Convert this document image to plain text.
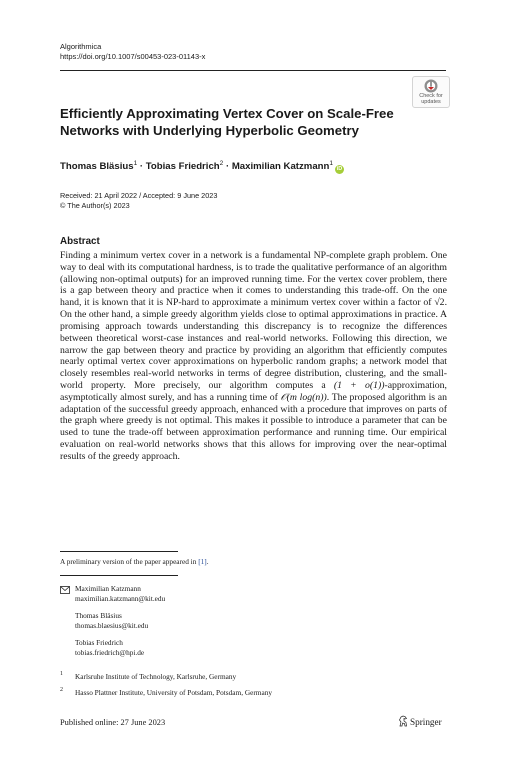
Algorithmica
https://doi.org/10.1007/s00453-023-01143-x
Check for
updates
Efficiently Approximating Vertex Cover on Scale-Free Networks with Underlying Hyperbolic Geometry
Thomas Bläsius$^1$ · Tobias Friedrich$^2$ · Maximilian Katzmann$^1$iD
Received: 21 April 2022 / Accepted: 9 June 2023
© The Author(s) 2023
Abstract

Finding a minimum vertex cover in a network is a fundamental NP-complete graph problem. One way to deal with its computational hardness, is to trade the qualitative performance of an algorithm (allowing non-optimal outputs) for an improved running time. For the vertex cover problem, there is a gap between theory and practice when it comes to understanding this trade-off. On the one hand, it is known that it is NP-hard to approximate a minimum vertex cover within a factor of √2. On the other hand, a simple greedy algorithm yields close to optimal approximations in practice. A promising approach towards understanding this discrepancy is to recognize the differences between theoretical worst-case instances and real-world networks. Following this direction, we narrow the gap between theory and practice by providing an algorithm that efficiently computes nearly optimal vertex cover approximations on hyperbolic random graphs; a network model that closely resembles real-world networks in terms of degree distribution, clustering, and the small-world property. More precisely, our algorithm computes a (1 + o(1))-approximation, asymptotically almost surely, and has a running time of 𝒪(m log(n)). The proposed algorithm is an adaptation of the successful greedy approach, enhanced with a procedure that improves on parts of the graph where greedy is not optimal. This makes it possible to introduce a parameter that can be used to tune the trade-off between approximation performance and running time. Our empirical evaluation on real-world networks shows that this allows for improving over the near-optimal results of the greedy approach.

A preliminary version of the paper appeared in [1].
Maximilian Katzmann
maximilian.katzmann@kit.edu
Thomas Bläsius
thomas.blaesius@kit.edu
Tobias Friedrich
tobias.friedrich@hpi.de
1 Karlsruhe Institute of Technology, Karlsruhe, Germany
2 Hasso Plattner Institute, University of Potsdam, Potsdam, Germany
Published online: 27 June 2023	Springer
